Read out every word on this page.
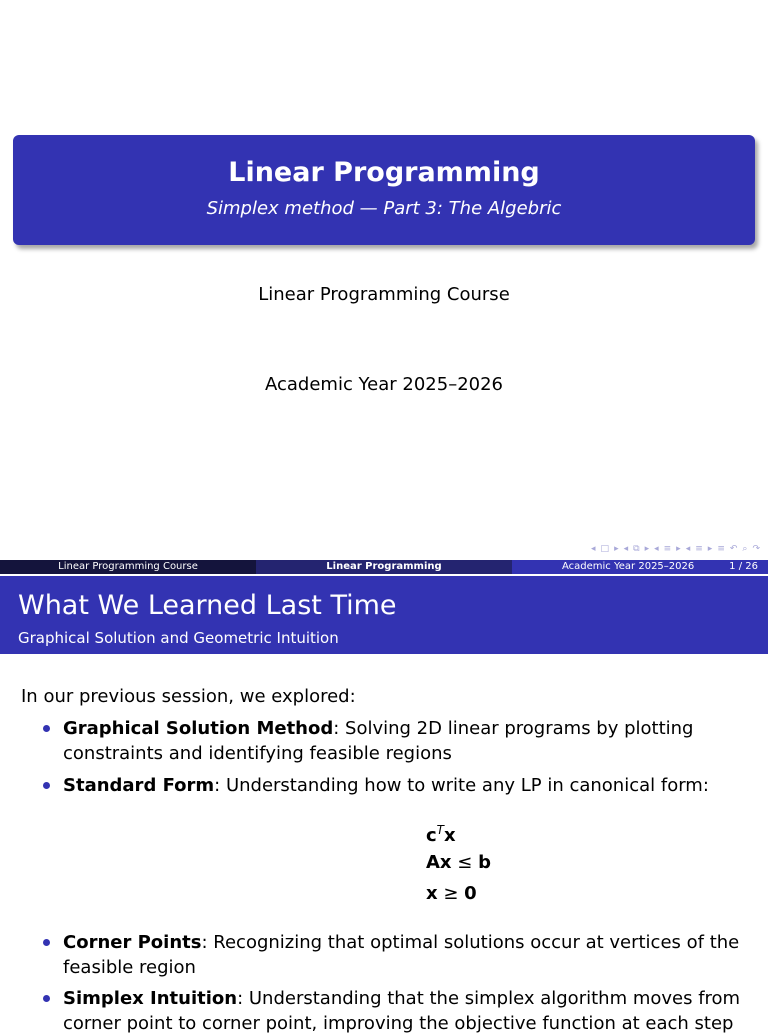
Linear Programming
Simplex method — Part 3: The Algebric
Linear Programming Course
Academic Year 2025–2026
◂ □ ▸ ◂ ⧉ ▸ ◂ ≡ ▸ ◂ ≡ ▸ ≡ ↶ ⌕ ↷
Linear Programming Course	Linear Programming	Academic Year 2025–2026	1 / 26
What We Learned Last Time
Graphical Solution and Geometric Intuition
In our previous session, we explored:
Graphical Solution Method: Solving 2D linear programs by plotting constraints and identifying feasible regions
Standard Form: Understanding how to write any LP in canonical form:
$c^Tx$
Ax ≤ b
x ≥ 0
Corner Points: Recognizing that optimal solutions occur at vertices of the feasible region
Simplex Intuition: Understanding that the simplex algorithm moves from corner point to corner point, improving the objective function at each step
